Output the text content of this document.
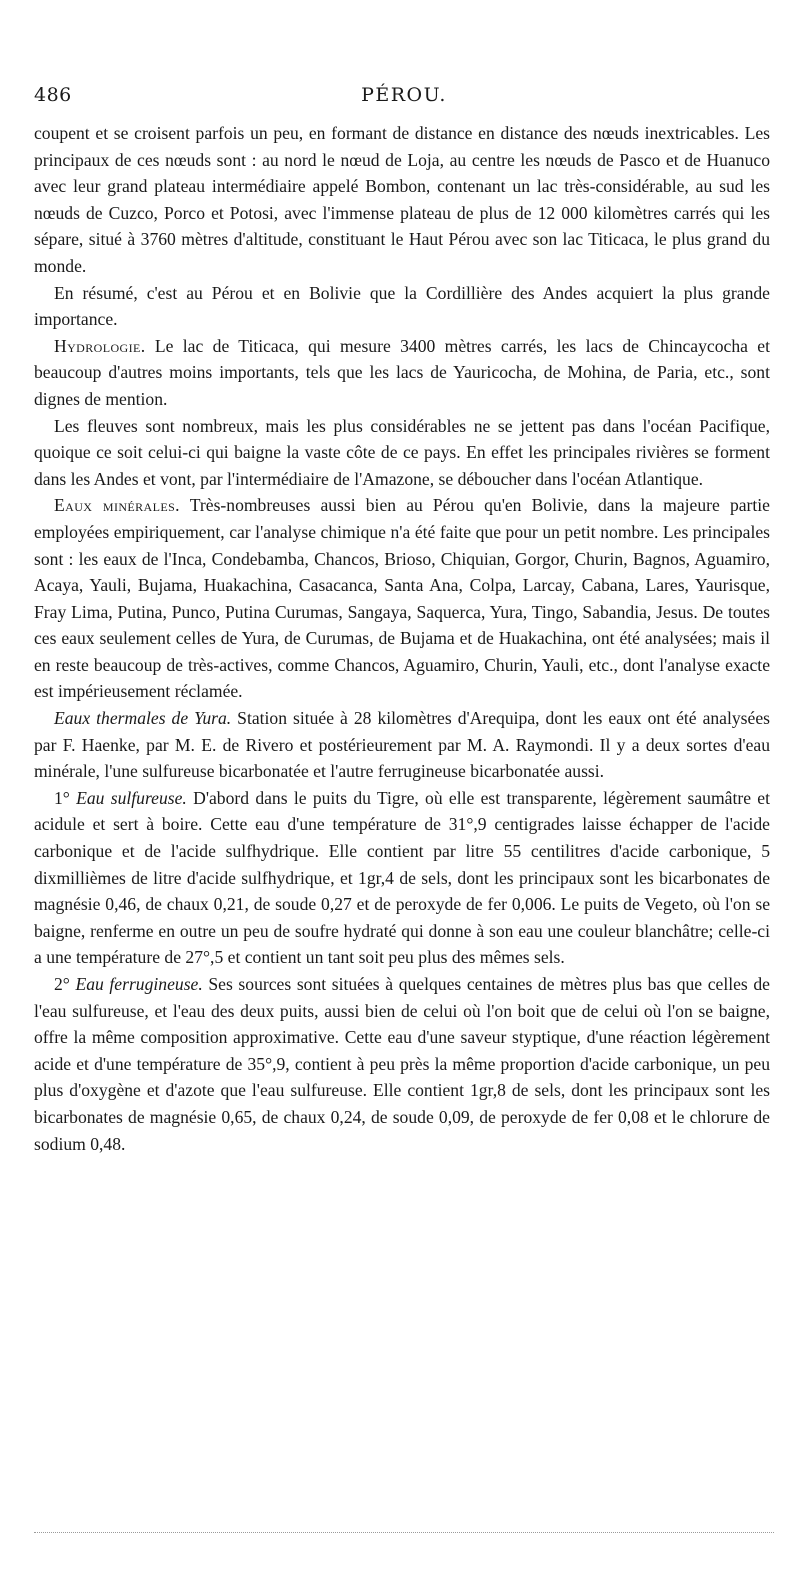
486	PÉROU.

coupent et se croisent parfois un peu, en formant de distance en distance des nœuds inextricables. Les principaux de ces nœuds sont : au nord le nœud de Loja, au centre les nœuds de Pasco et de Huanuco avec leur grand plateau intermédiaire appelé Bombon, contenant un lac très-considérable, au sud les nœuds de Cuzco, Porco et Potosi, avec l'immense plateau de plus de 12 000 kilomètres carrés qui les sépare, situé à 3760 mètres d'altitude, constituant le Haut Pérou avec son lac Titicaca, le plus grand du monde.

En résumé, c'est au Pérou et en Bolivie que la Cordillière des Andes acquiert la plus grande importance.

Hydrologie. Le lac de Titicaca, qui mesure 3400 mètres carrés, les lacs de Chincaycocha et beaucoup d'autres moins importants, tels que les lacs de Yauricocha, de Mohina, de Paria, etc., sont dignes de mention.

Les fleuves sont nombreux, mais les plus considérables ne se jettent pas dans l'océan Pacifique, quoique ce soit celui-ci qui baigne la vaste côte de ce pays. En effet les principales rivières se forment dans les Andes et vont, par l'intermédiaire de l'Amazone, se déboucher dans l'océan Atlantique.

Eaux minérales. Très-nombreuses aussi bien au Pérou qu'en Bolivie, dans la majeure partie employées empiriquement, car l'analyse chimique n'a été faite que pour un petit nombre. Les principales sont : les eaux de l'Inca, Condebamba, Chancos, Brioso, Chiquian, Gorgor, Churin, Bagnos, Aguamiro, Acaya, Yauli, Bujama, Huakachina, Casacanca, Santa Ana, Colpa, Larcay, Cabana, Lares, Yaurisque, Fray Lima, Putina, Punco, Putina Curumas, Sangaya, Saquerca, Yura, Tingo, Sabandia, Jesus. De toutes ces eaux seulement celles de Yura, de Curumas, de Bujama et de Huakachina, ont été analysées; mais il en reste beaucoup de très-actives, comme Chancos, Aguamiro, Churin, Yauli, etc., dont l'analyse exacte est impérieusement réclamée.

Eaux thermales de Yura. Station située à 28 kilomètres d'Arequipa, dont les eaux ont été analysées par F. Haenke, par M. E. de Rivero et postérieurement par M. A. Raymondi. Il y a deux sortes d'eau minérale, l'une sulfureuse bicarbonatée et l'autre ferrugineuse bicarbonatée aussi.

1° Eau sulfureuse. D'abord dans le puits du Tigre, où elle est transparente, légèrement saumâtre et acidule et sert à boire. Cette eau d'une température de 31°,9 centigrades laisse échapper de l'acide carbonique et de l'acide sulfhydrique. Elle contient par litre 55 centilitres d'acide carbonique, 5 dixmillièmes de litre d'acide sulfhydrique, et 1gr,4 de sels, dont les principaux sont les bicarbonates de magnésie 0,46, de chaux 0,21, de soude 0,27 et de peroxyde de fer 0,006. Le puits de Vegeto, où l'on se baigne, renferme en outre un peu de soufre hydraté qui donne à son eau une couleur blanchâtre; celle-ci a une température de 27°,5 et contient un tant soit peu plus des mêmes sels.

2° Eau ferrugineuse. Ses sources sont situées à quelques centaines de mètres plus bas que celles de l'eau sulfureuse, et l'eau des deux puits, aussi bien de celui où l'on boit que de celui où l'on se baigne, offre la même composition approximative. Cette eau d'une saveur styptique, d'une réaction légèrement acide et d'une température de 35°,9, contient à peu près la même proportion d'acide carbonique, un peu plus d'oxygène et d'azote que l'eau sulfureuse. Elle contient 1gr,8 de sels, dont les principaux sont les bicarbonates de magnésie 0,65, de chaux 0,24, de soude 0,09, de peroxyde de fer 0,08 et le chlorure de sodium 0,48.
